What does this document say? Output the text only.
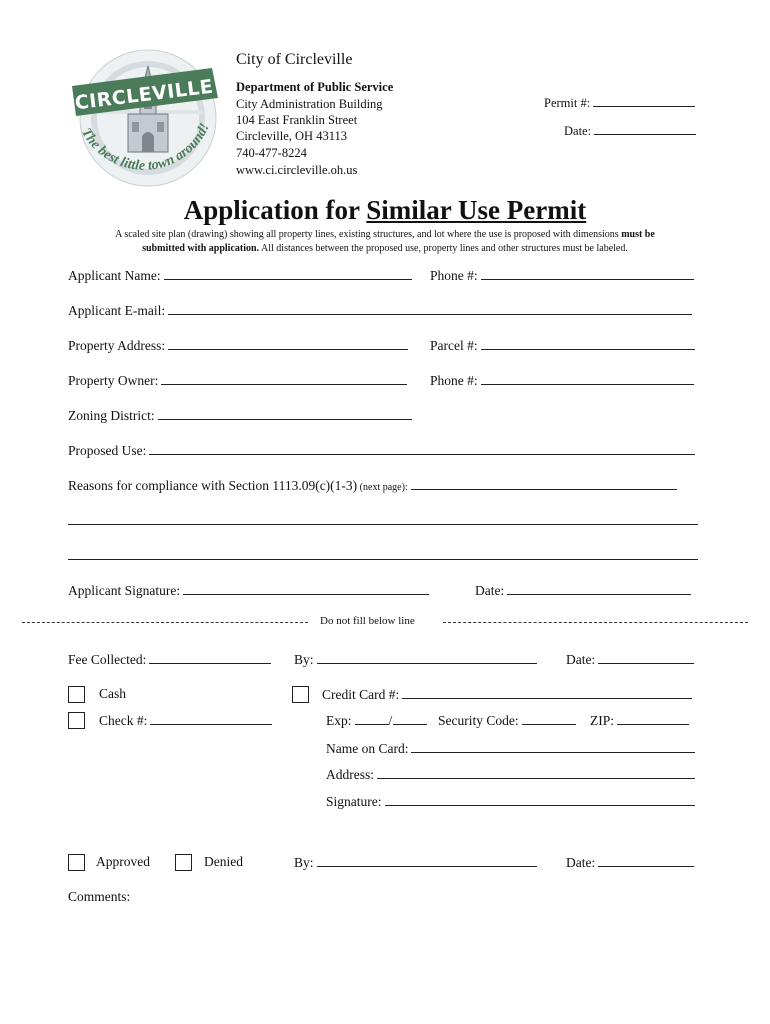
CIRCLEVILLE
The best little town around!
City of Circleville
Department of Public Service
City Administration Building
104 East Franklin Street
Circleville, OH 43113
740-477-8224
www.ci.circleville.oh.us
Permit #:
Date:
Application for Similar Use Permit
A scaled site plan (drawing) showing all property lines, existing structures, and lot where the use is proposed with dimensions must be
submitted with application. All distances between the proposed use, property lines and other structures must be labeled.
Applicant Name:	Phone #:
Applicant E-mail:
Property Address:	Parcel #:
Property Owner:	Phone #:
Zoning District:
Proposed Use:
Reasons for compliance with Section 1113.09(c)(1-3) (next page):
Applicant Signature:	Date:
Do not fill below line
Fee Collected:	By:	Date:
Cash	Credit Card #:
Check #:	Exp:	/	Security Code:	ZIP:
Name on Card:
Address:
Signature:
Approved	Denied	By:	Date:
Comments:
